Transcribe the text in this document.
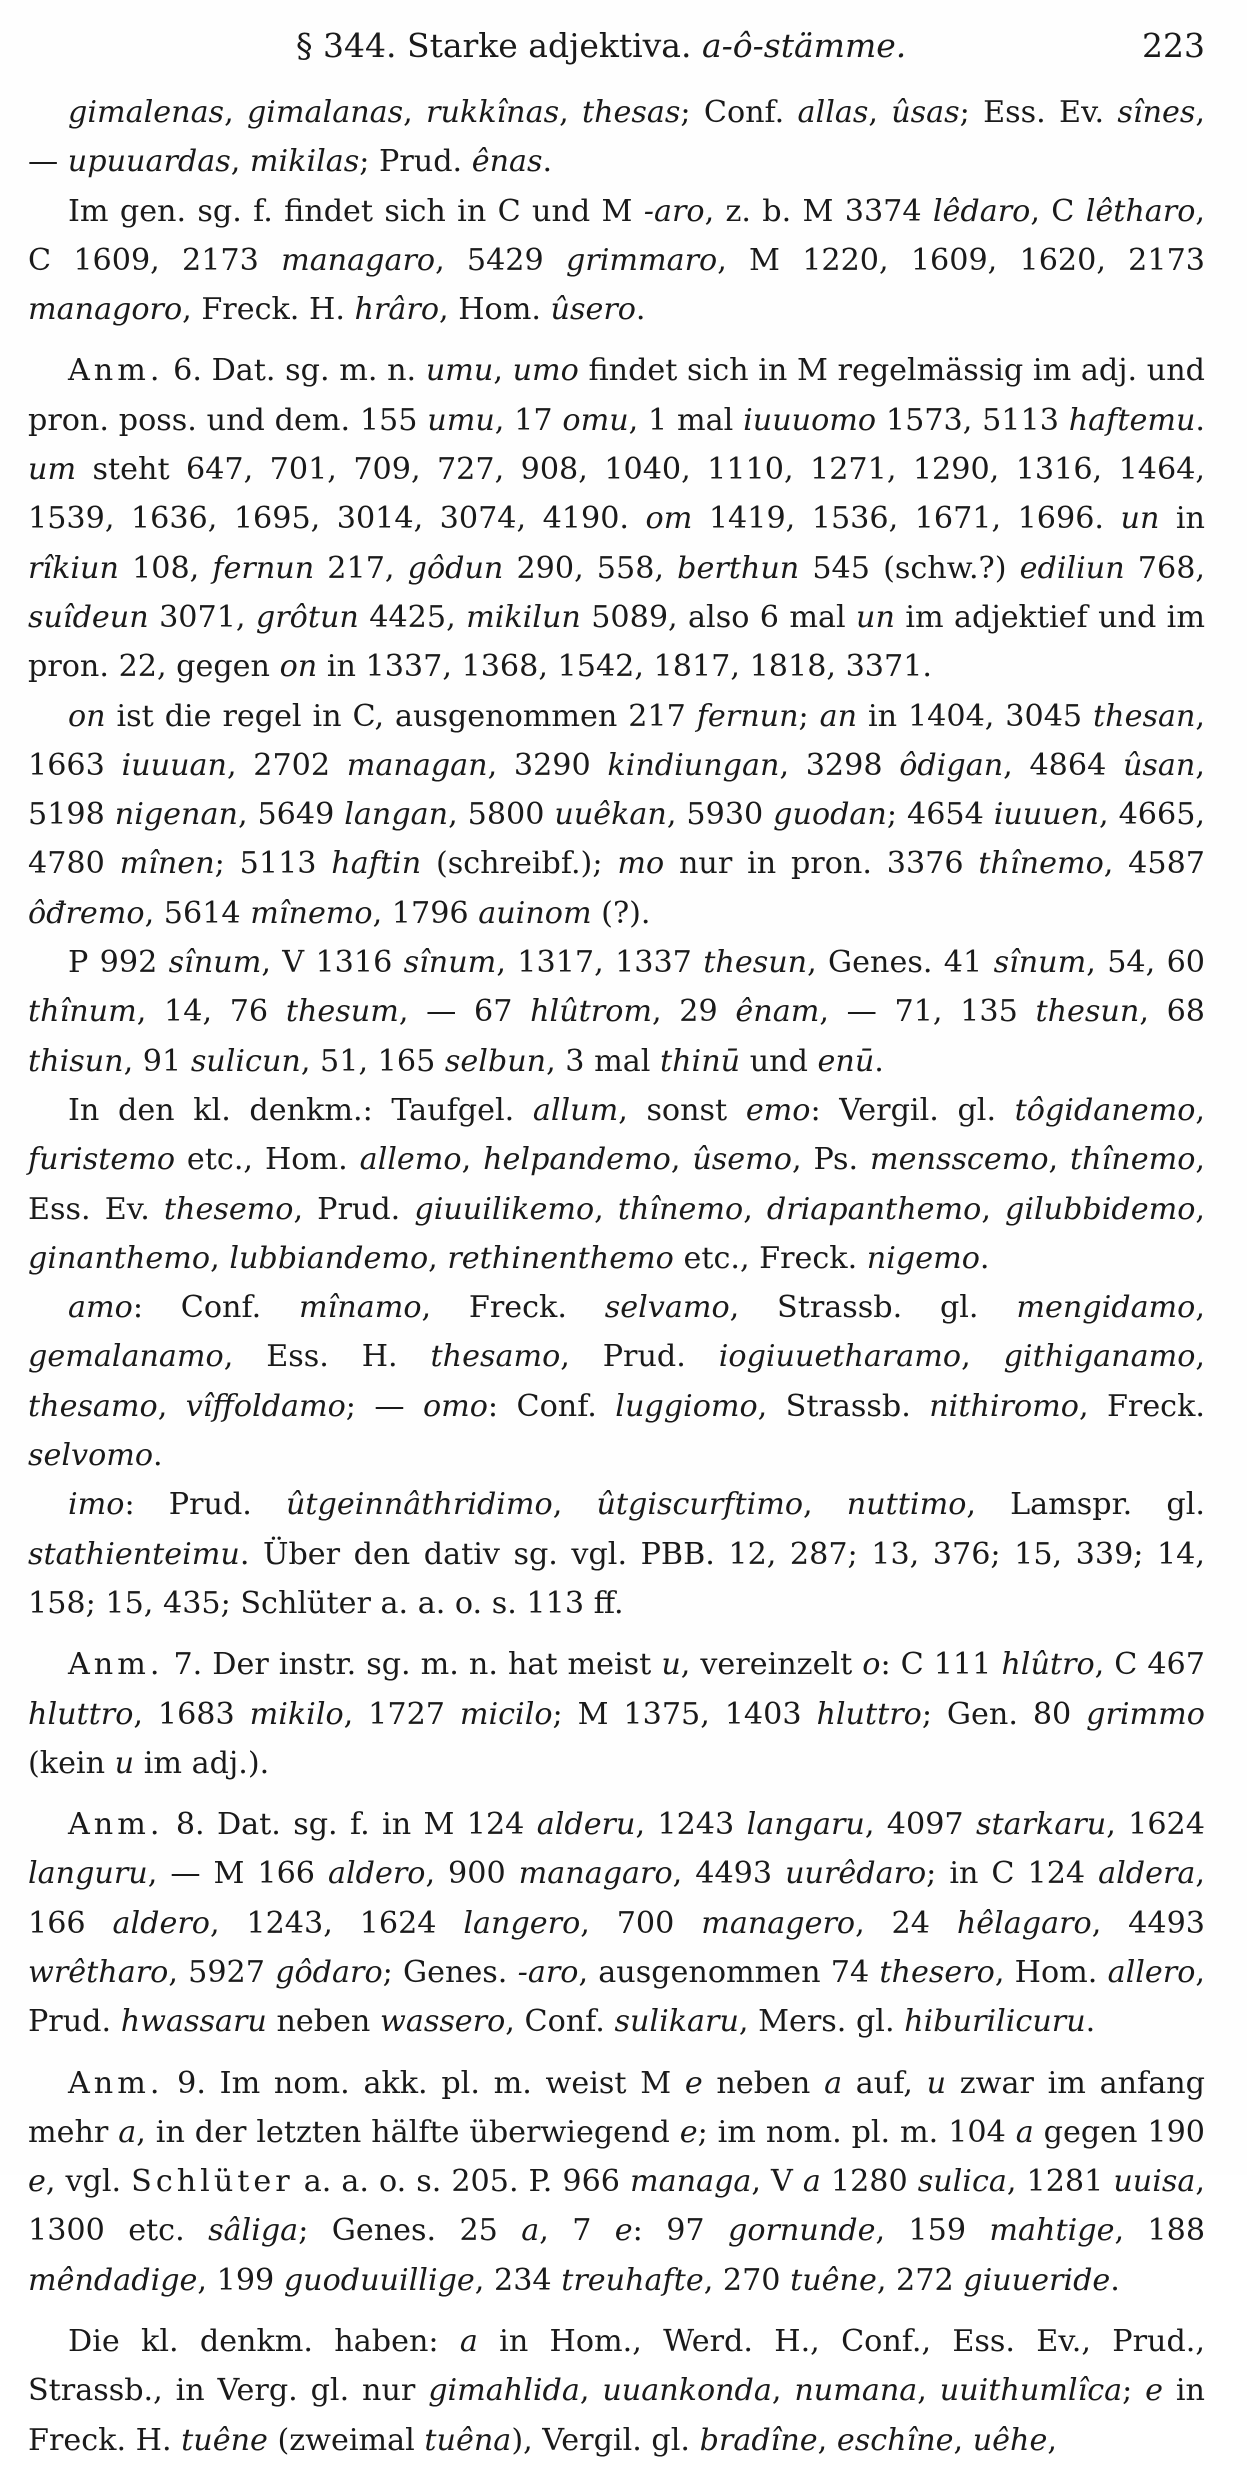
§ 344. Starke adjektiva. a-ô-stämme.	223

gimalenas, gimalanas, rukkînas, thesas; Conf. allas, ûsas; Ess. Ev. sînes, — upuuardas, mikilas; Prud. ênas.

Im gen. sg. f. findet sich in C und M -aro, z. b. M 3374 lêdaro, C lêtharo, C 1609, 2173 managaro, 5429 grimmaro, M 1220, 1609, 1620, 2173 managoro, Freck. H. hrâro, Hom. ûsero.

Anm. 6. Dat. sg. m. n. umu, umo findet sich in M regelmässig im adj. und pron. poss. und dem. 155 umu, 17 omu, 1 mal iuuuomo 1573, 5113 haftemu. um steht 647, 701, 709, 727, 908, 1040, 1110, 1271, 1290, 1316, 1464, 1539, 1636, 1695, 3014, 3074, 4190. om 1419, 1536, 1671, 1696. un in rîkiun 108, fernun 217, gôdun 290, 558, berthun 545 (schw.?) ediliun 768, suîdeun 3071, grôtun 4425, mikilun 5089, also 6 mal un im adjektief und im pron. 22, gegen on in 1337, 1368, 1542, 1817, 1818, 3371.

on ist die regel in C, ausgenommen 217 fernun; an in 1404, 3045 thesan, 1663 iuuuan, 2702 managan, 3290 kindiungan, 3298 ôdigan, 4864 ûsan, 5198 nigenan, 5649 langan, 5800 uuêkan, 5930 guodan; 4654 iuuuen, 4665, 4780 mînen; 5113 haftin (schreibf.); mo nur in pron. 3376 thînemo, 4587 ôđremo, 5614 mînemo, 1796 auinom (?).

P 992 sînum, V 1316 sînum, 1317, 1337 thesun, Genes. 41 sînum, 54, 60 thînum, 14, 76 thesum, — 67 hlûtrom, 29 ênam, — 71, 135 thesun, 68 thisun, 91 sulicun, 51, 165 selbun, 3 mal thinū und enū.

In den kl. denkm.: Taufgel. allum, sonst emo: Vergil. gl. tôgidanemo, furistemo etc., Hom. allemo, helpandemo, ûsemo, Ps. mensscemo, thînemo, Ess. Ev. thesemo, Prud. giuuilikemo, thînemo, driapanthemo, gilubbidemo, ginanthemo, lubbiandemo, rethinenthemo etc., Freck. nigemo.

amo: Conf. mînamo, Freck. selvamo, Strassb. gl. mengidamo, gemalanamo, Ess. H. thesamo, Prud. iogiuuetharamo, githiganamo, thesamo, vîffoldamo; — omo: Conf. luggiomo, Strassb. nithiromo, Freck. selvomo.

imo: Prud. ûtgeinnâthridimo, ûtgiscurftimo, nuttimo, Lamspr. gl. stathienteimu. Über den dativ sg. vgl. PBB. 12, 287; 13, 376; 15, 339; 14, 158; 15, 435; Schlüter a. a. o. s. 113 ff.

Anm. 7. Der instr. sg. m. n. hat meist u, vereinzelt o: C 111 hlûtro, C 467 hluttro, 1683 mikilo, 1727 micilo; M 1375, 1403 hluttro; Gen. 80 grimmo (kein u im adj.).

Anm. 8. Dat. sg. f. in M 124 alderu, 1243 langaru, 4097 starkaru, 1624 languru, — M 166 aldero, 900 managaro, 4493 uurêdaro; in C 124 aldera, 166 aldero, 1243, 1624 langero, 700 managero, 24 hêlagaro, 4493 wrêtharo, 5927 gôdaro; Genes. -aro, ausgenommen 74 thesero, Hom. allero, Prud. hwassaru neben wassero, Conf. sulikaru, Mers. gl. hiburilicuru.

Anm. 9. Im nom. akk. pl. m. weist M e neben a auf, u zwar im anfang mehr a, in der letzten hälfte überwiegend e; im nom. pl. m. 104 a gegen 190 e, vgl. Schlüter a. a. o. s. 205. P. 966 managa, V a 1280 sulica, 1281 uuisa, 1300 etc. sâliga; Genes. 25 a, 7 e: 97 gornunde, 159 mahtige, 188 mêndadige, 199 guoduuillige, 234 treuhafte, 270 tuêne, 272 giuueride.

Die kl. denkm. haben: a in Hom., Werd. H., Conf., Ess. Ev., Prud., Strassb., in Verg. gl. nur gimahlida, uuankonda, numana, uuithumlîca; e in Freck. H. tuêne (zweimal tuêna), Vergil. gl. bradîne, eschîne, uêhe,
